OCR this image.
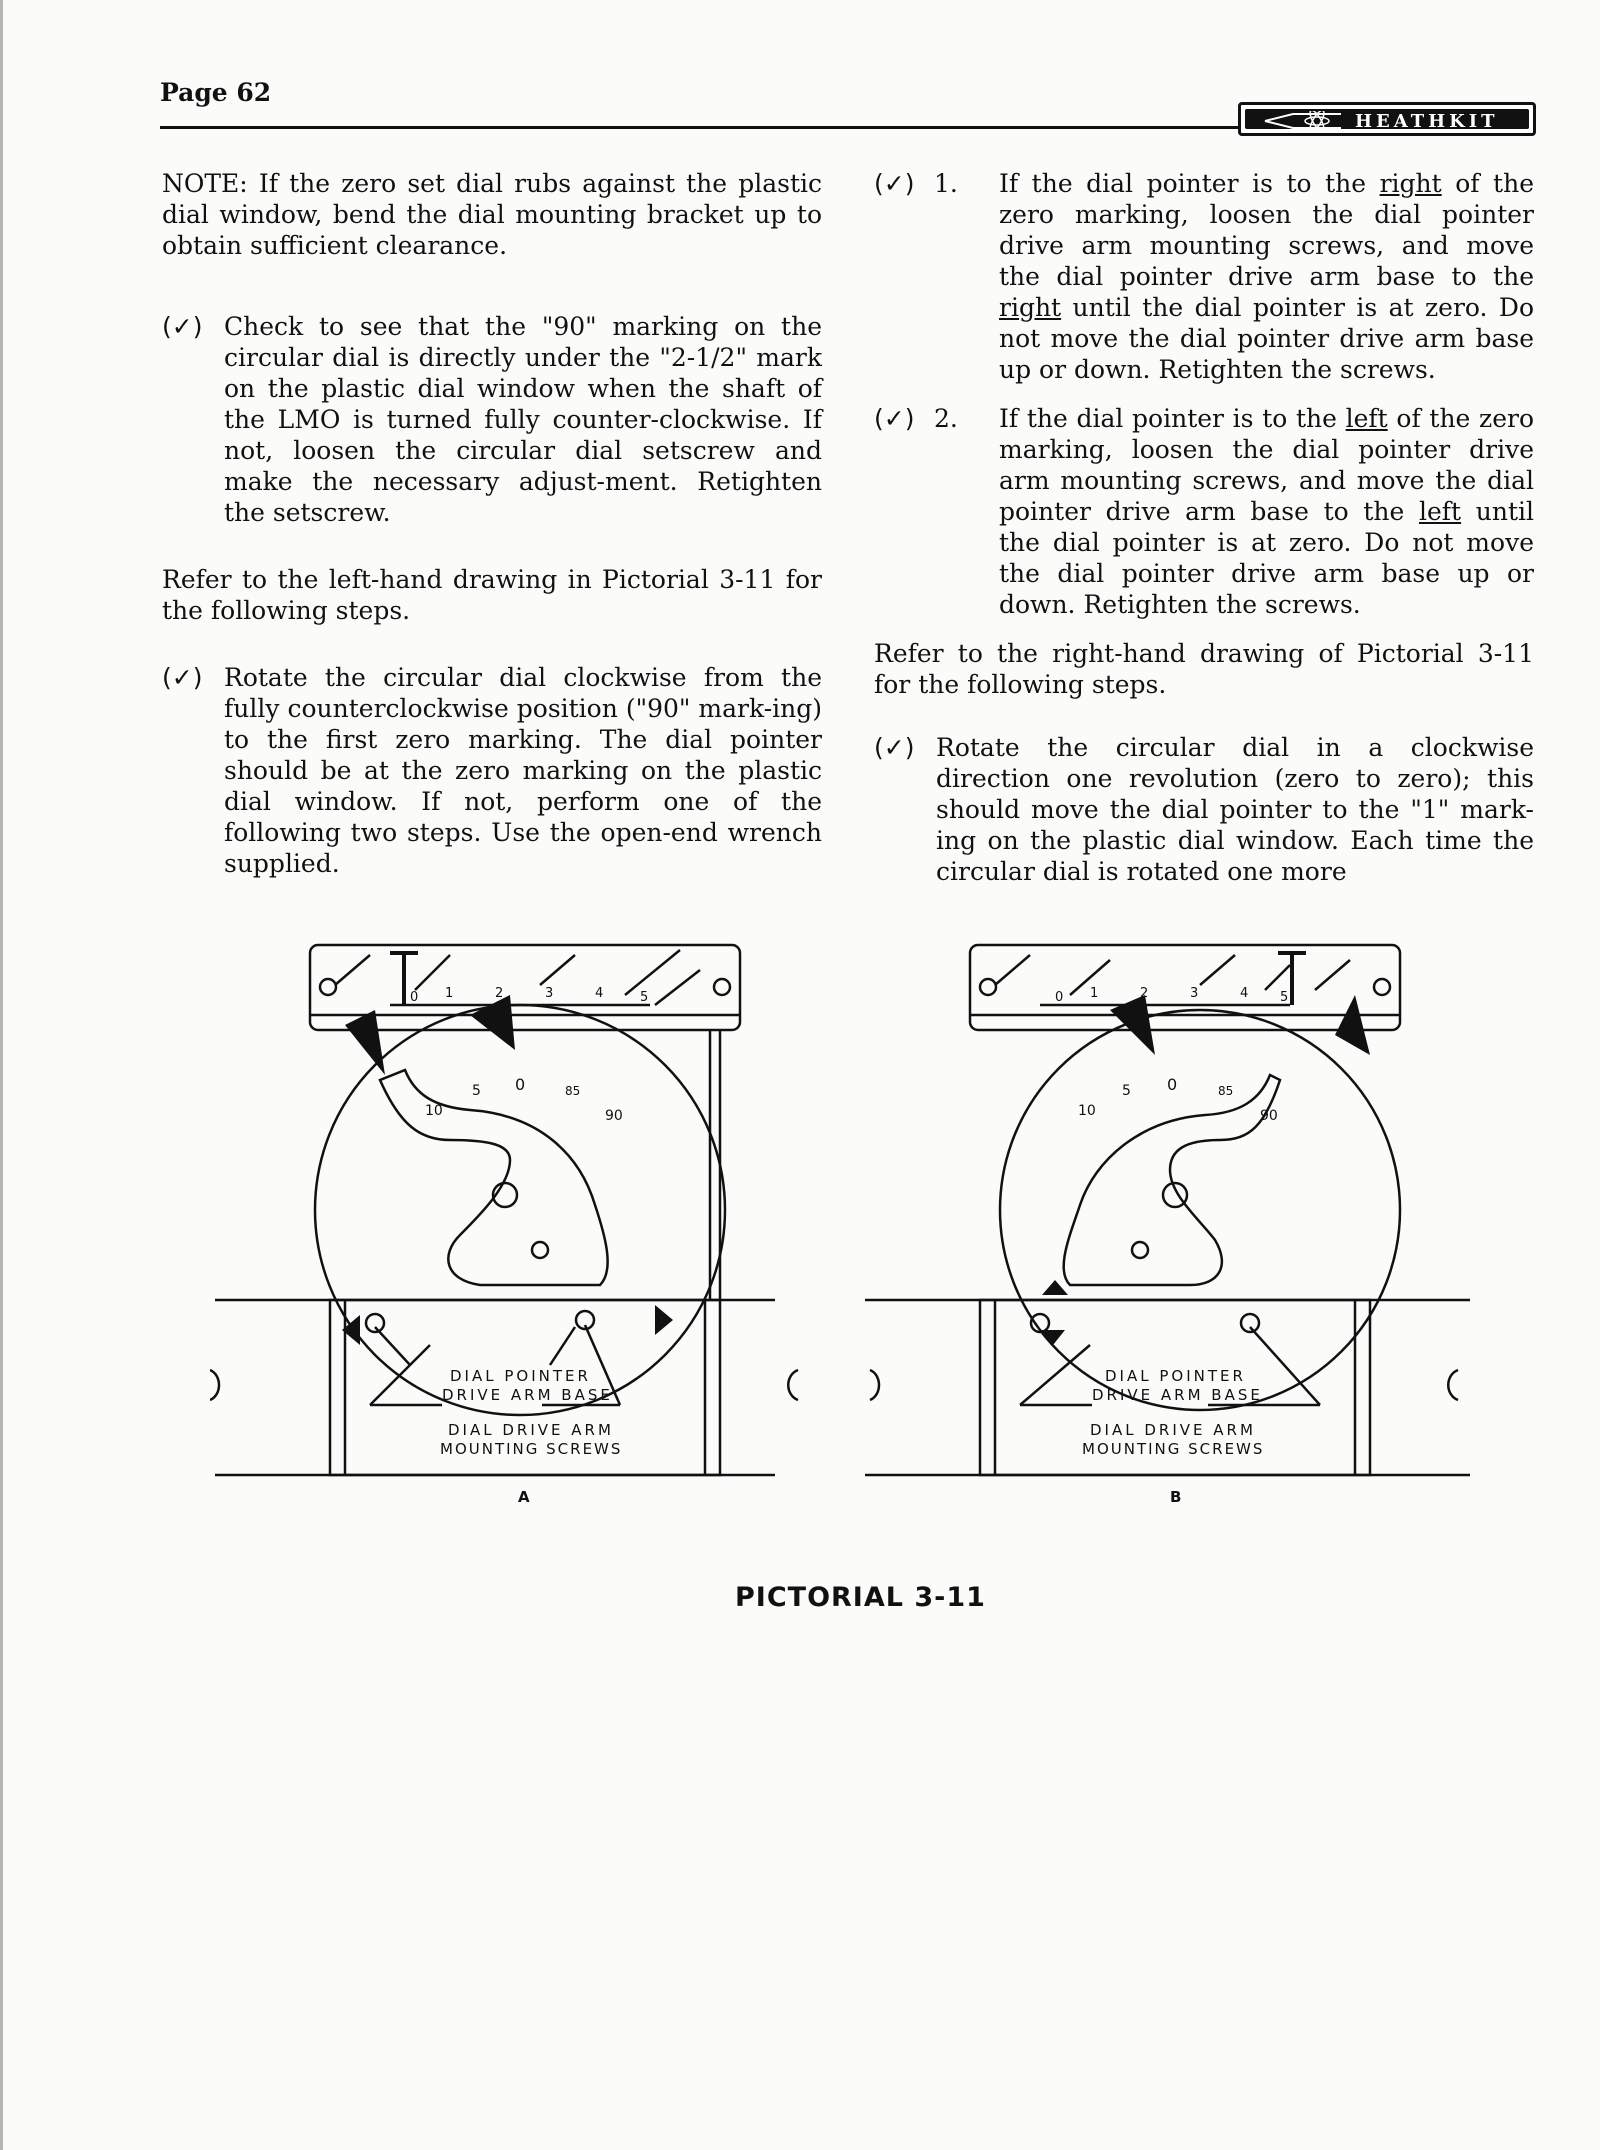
Page 62
HEATHKIT

NOTE: If the zero set dial rubs against the plastic dial window, bend the dial mounting bracket up to obtain sufficient clearance.

(✓) Check to see that the "90" marking on the circular dial is directly under the "2-1/2" mark on the plastic dial window when the shaft of the LMO is turned fully counter-clockwise. If not, loosen the circular dial setscrew and make the necessary adjust-ment. Retighten the setscrew.

Refer to the left-hand drawing in Pictorial 3-11 for the following steps.

(✓) Rotate the circular dial clockwise from the fully counterclockwise position ("90" mark-ing) to the first zero marking. The dial pointer should be at the zero marking on the plastic dial window. If not, perform one of the following two steps. Use the open-end wrench supplied.

(✓) 1. If the dial pointer is to the right of the zero marking, loosen the dial pointer drive arm mounting screws, and move the dial pointer drive arm base to the right until the dial pointer is at zero. Do not move the dial pointer drive arm base up or down. Retighten the screws.

(✓) 2. If the dial pointer is to the left of the zero marking, loosen the dial pointer drive arm mounting screws, and move the dial pointer drive arm base to the left until the dial pointer is at zero. Do not move the dial pointer drive arm base up or down. Retighten the screws.

Refer to the right-hand drawing of Pictorial 3-11 for the following steps.

(✓) Rotate the circular dial in a clockwise direction one revolution (zero to zero); this should move the dial pointer to the "1" mark-ing on the plastic dial window. Each time the circular dial is rotated one more

0 1	2	3	4	5
10
5 0	85
90
DIAL POINTER
DRIVE ARM BASE
DIAL DRIVE ARM
MOUNTING SCREWS
A
0 1	2	3	4 5
10
5 0	85
90
DIAL POINTER
DRIVE ARM BASE
DIAL DRIVE ARM
MOUNTING SCREWS
B
PICTORIAL 3-11
